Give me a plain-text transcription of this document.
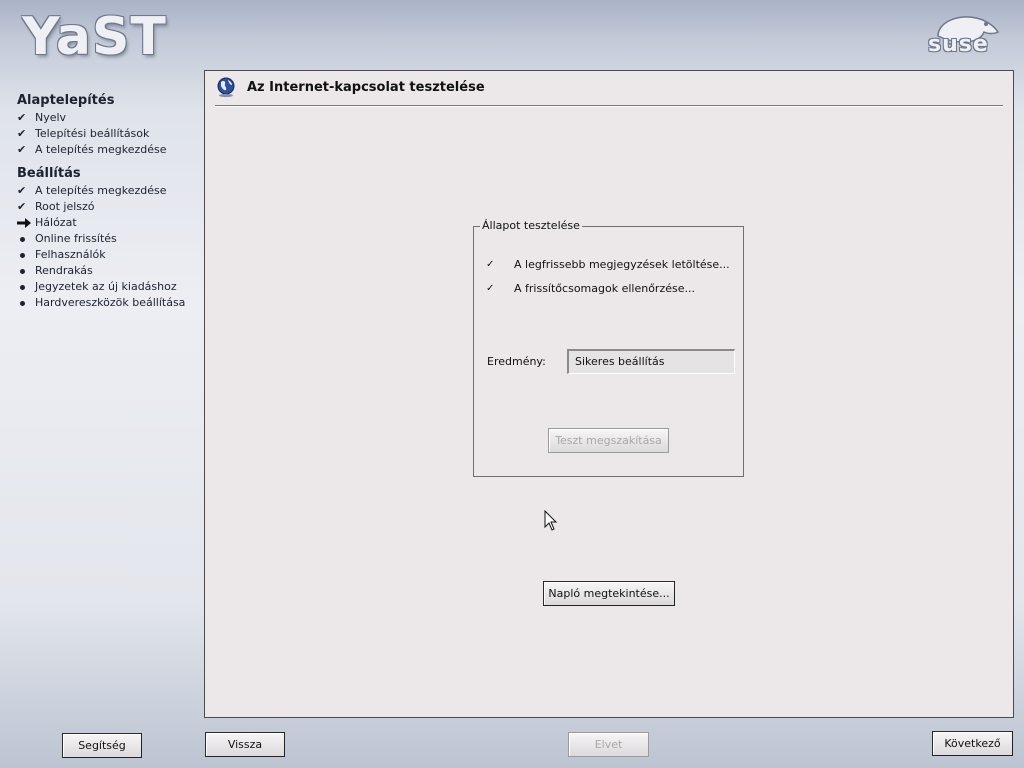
YaST	suse
Alaptelepítés
✔ Nyelv
✔ Telepítési beállítások
✔ A telepítés megkezdése
Beállítás
✔ A telepítés megkezdése
✔ Root jelszó
Hálózat
Online frissítés
Felhasználók
Rendrakás
Jegyzetek az új kiadáshoz
Hardvereszközök beállítása
Az Internet-kapcsolat tesztelése
Állapot tesztelése
✓	A legfrissebb megjegyzések letöltése...
✓	A frissítőcsomagok ellenőrzése...
Eredmény:	Sikeres beállítás
Teszt megszakítása
Napló megtekintése...
Segítség	Vissza	Elvet	Következő
